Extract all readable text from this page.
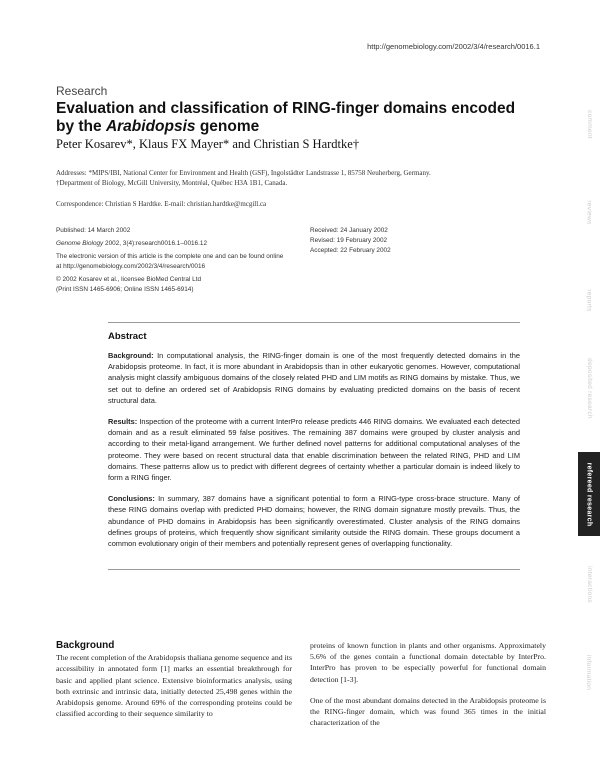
http://genomebiology.com/2002/3/4/research/0016.1
Research
Evaluation and classification of RING-finger domains encoded by the Arabidopsis genome
Peter Kosarev*, Klaus FX Mayer* and Christian S Hardtke†
Addresses: *MIPS/IBI, National Center for Environment and Health (GSF), Ingolstädter Landstrasse 1, 85758 Neuherberg, Germany.
†Department of Biology, McGill University, Montréal, Québec H3A 1B1, Canada.
Correspondence: Christian S Hardtke. E-mail: christian.hardtke@mcgill.ca

Published: 14 March 2002

Genome Biology 2002, 3(4):research0016.1–0016.12

The electronic version of this article is the complete one and can be found online at http://genomebiology.com/2002/3/4/research/0016

© 2002 Kosarev et al., licensee BioMed Central Ltd
(Print ISSN 1465-6906; Online ISSN 1465-6914)

Received: 24 January 2002
Revised: 19 February 2002
Accepted: 22 February 2002
Abstract

Background: In computational analysis, the RING-finger domain is one of the most frequently detected domains in the Arabidopsis proteome. In fact, it is more abundant in Arabidopsis than in other eukaryotic genomes. However, computational analysis might classify ambiguous domains of the closely related PHD and LIM motifs as RING domains by mistake. Thus, we set out to define an ordered set of Arabidopsis RING domains by evaluating predicted domains on the basis of recent structural data.

Results: Inspection of the proteome with a current InterPro release predicts 446 RING domains. We evaluated each detected domain and as a result eliminated 59 false positives. The remaining 387 domains were grouped by cluster analysis and according to their metal-ligand arrangement. We further defined novel patterns for additional computational analyses of the proteome. They were based on recent structural data that enable discrimination between the related RING, PHD and LIM domains. These patterns allow us to predict with different degrees of certainty whether a particular domain is indeed likely to form a RING finger.

Conclusions: In summary, 387 domains have a significant potential to form a RING-type cross-brace structure. Many of these RING domains overlap with predicted PHD domains; however, the RING domain signature mostly prevails. Thus, the abundance of PHD domains in Arabidopsis has been significantly overestimated. Cluster analysis of the RING domains defines groups of proteins, which frequently show significant similarity outside the RING domain. These groups document a common evolutionary origin of their members and potentially represent genes of overlapping functionality.

Background

The recent completion of the Arabidopsis thaliana genome sequence and its accessibility in annotated form [1] marks an essential breakthrough for basic and applied plant science. Extensive bioinformatics analysis, using both extrinsic and intrinsic data, initially detected 25,498 genes within the Arabidopsis genome. Around 69% of the corresponding proteins could be classified according to their sequence similarity to

proteins of known function in plants and other organisms. Approximately 5.6% of the genes contain a functional domain detectable by InterPro. InterPro has proven to be especially powerful for functional domain detection [1-3].

One of the most abundant domains detected in the Arabidopsis proteome is the RING-finger domain, which was found 365 times in the initial characterization of the

comment
reviews
reports
deposited research
refereed research
interactions
information
